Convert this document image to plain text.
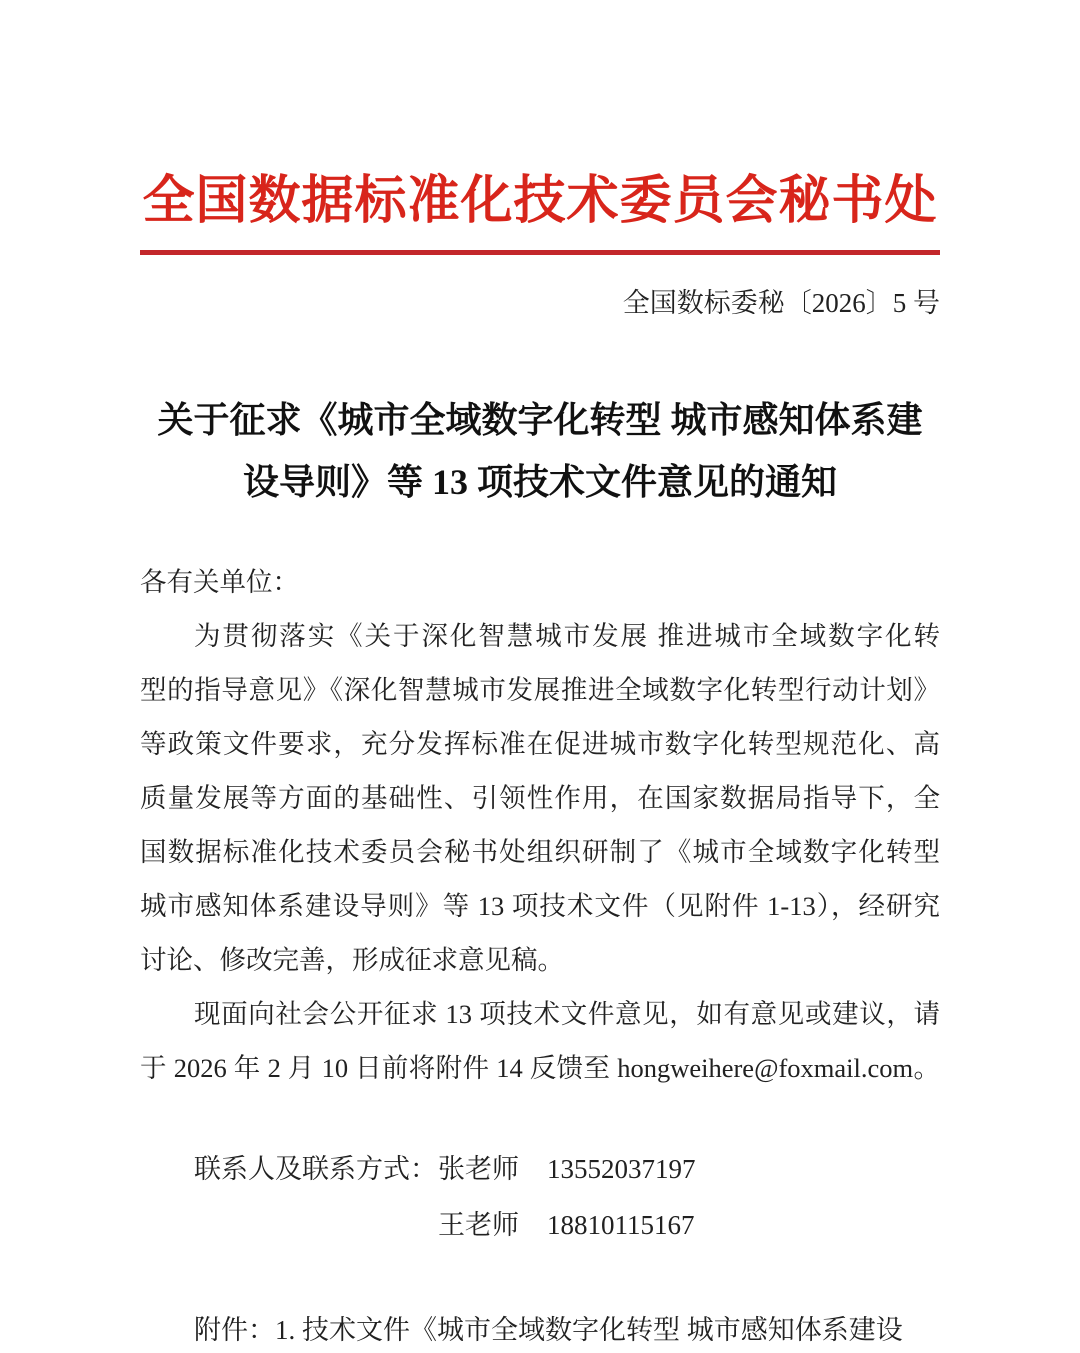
全国数据标准化技术委员会秘书处
全国数标委秘〔2026〕5 号
关于征求《城市全域数字化转型 城市感知体系建
设导则》等 13 项技术文件意见的通知
各有关单位：
为贯彻落实《关于深化智慧城市发展 推进城市全域数字化转
型的指导意见》《深化智慧城市发展推进全域数字化转型行动计划》
等政策文件要求，充分发挥标准在促进城市数字化转型规范化、高
质量发展等方面的基础性、引领性作用，在国家数据局指导下，全
国数据标准化技术委员会秘书处组织研制了《城市全域数字化转型
城市感知体系建设导则》等 13 项技术文件（见附件 1-13），经研究
讨论、修改完善，形成征求意见稿。
现面向社会公开征求 13 项技术文件意见，如有意见或建议，请
于 2026 年 2 月 10 日前将附件 14 反馈至 hongweihere@foxmail.com。
联系人及联系方式： 张老师 13552037197
王老师 18810115167
附件：1. 技术文件《城市全域数字化转型 城市感知体系建设
